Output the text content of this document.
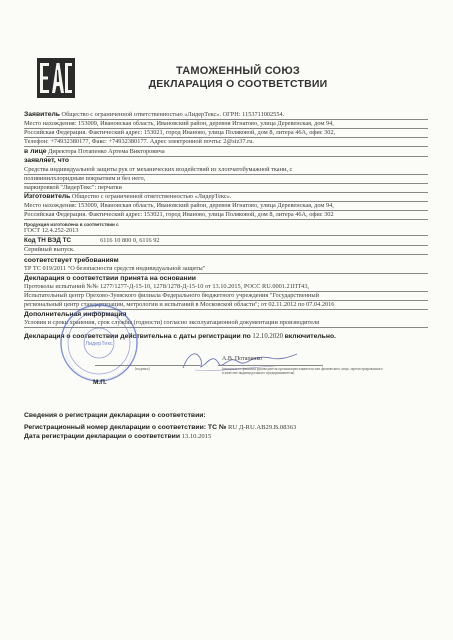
ТАМОЖЕННЫЙ СОЮЗ
ДЕКЛАРАЦИЯ О СООТВЕТСТВИИ
Заявитель Общество с ограниченной ответственностью «ЛидерТекс». ОГРН: 1153711002554.
Место нахождения: 153009, Ивановская область, Ивановский район, деревня Игнатово, улица Деревенская, дом 94,
Российская Федерация. Фактический адрес: 153021, город Иваново, улица Поляковой, дом 8, литера 46А, офис 302,
Телефон: +74932380177, Факс: +74932380177. Адрес электронной почты: 2@siz37.ru.
в лице Директора Потапенко Артема Викторовича
заявляет, что
Средства индивидуальной защиты рук от механических воздействий из хлопчатобумажной ткани, с
поливинилхлоридным покрытием и без него,
маркировкой "ЛидерТекс": перчатки
Изготовитель Общество с ограниченной ответственностью «ЛидерТекс».
Место нахождения: 153009, Ивановская область, Ивановский район, деревня Игнатово, улица Деревенская, дом 94,
Российская Федерация. Фактический адрес: 153021, город Иваново, улица Поляковой, дом 8, литера 46А, офис 302
Продукция изготовлена в соответствии с
ГОСТ 12.4.252-2013
Код ТН ВЭД ТС	6116 10 800 0, 6116 92
Серийный выпуск.
соответствует требованиям
ТР ТС 019/2011 "О безопасности средств индивидуальной защиты"
Декларация о соответствии принята на основании
Протоколы испытаний №№ 1277/1277-Д-15-10, 1278/1278-Д-15-10 от 13.10.2015, РОСС RU.0001.21ПТ43,
Испытательный центр Орехово-Зуевского филиала Федерального бюджетного учреждения "Государственный
региональный центр стандартизации, метрологии и испытаний в Московской области"; от 02.11.2012 по 07.04.2016
Дополнительная информация
Условия и сроки хранения, срок службы (годности) согласно эксплуатационной документации производителя
Декларация о соответствии действительна с даты регистрации по 12.10.2020 включительно.
А.В. Потапенко
(подпись)	(инициалы и фамилия руководителя организации-заявителя или физического лица, зарегистрированного
в качестве индивидуального предпринимателя)
ЛидерТекс
М.П.
Сведения о регистрации декларации о соответствии:
Регистрационный номер декларации о соответствии: ТС № RU Д-RU.АВ29.В.08363
Дата регистрации декларации о соответствии 13.10.2015
